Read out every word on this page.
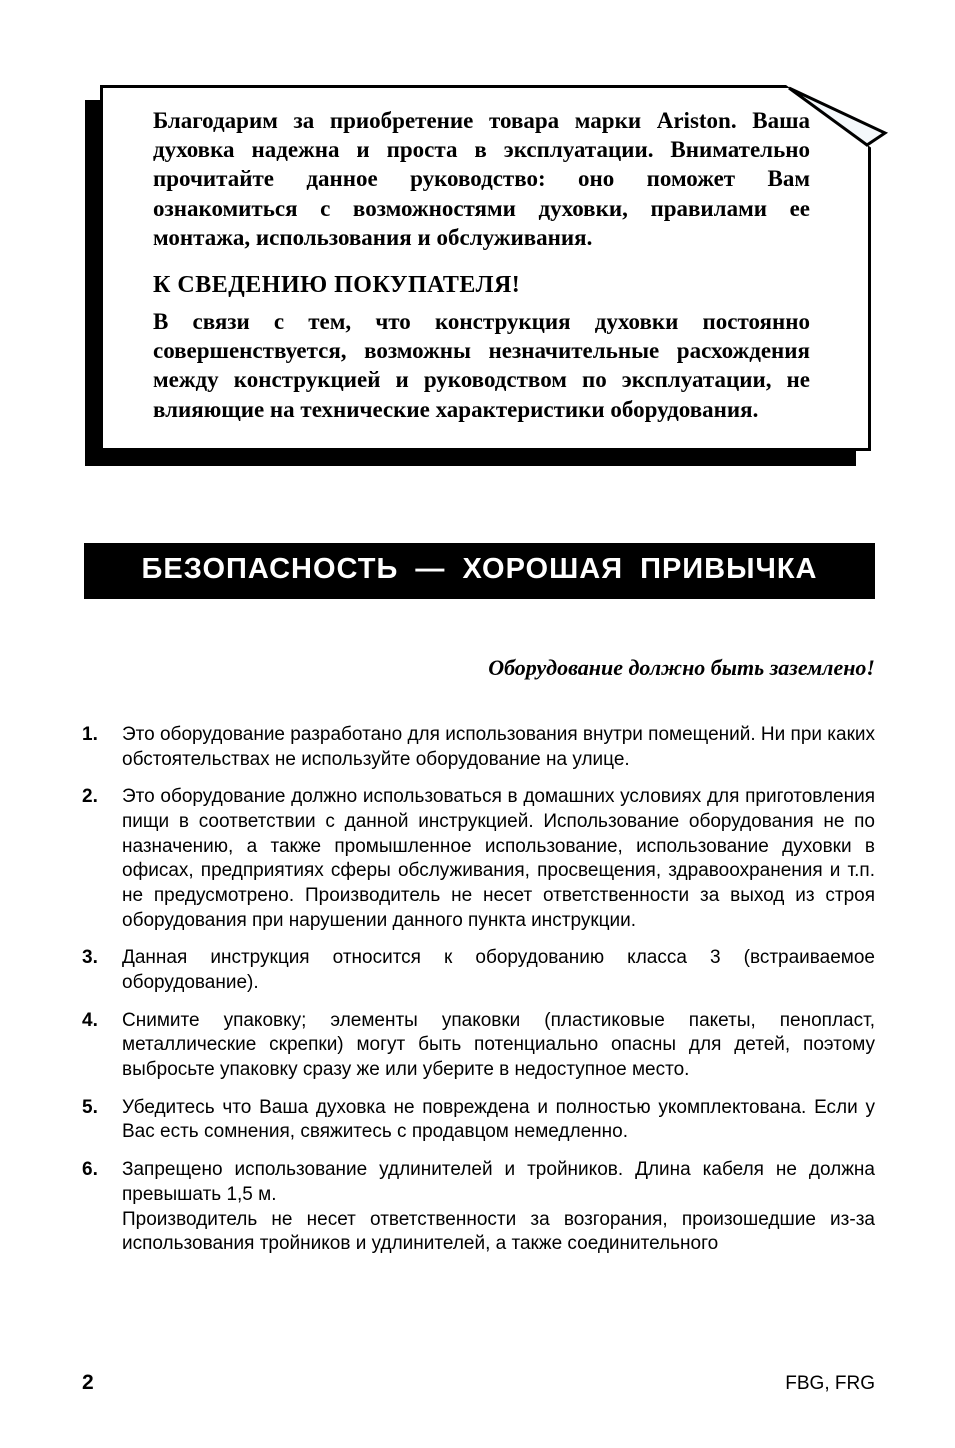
Благодарим за приобретение товара марки Ariston. Ваша духовка надежна и проста в эксплуатации. Внимательно прочитайте данное руководство: оно поможет Вам ознакомиться с возможностями духовки, правилами ее монтажа, использования и обслуживания.

К СВЕДЕНИЮ ПОКУПАТЕЛЯ!

В связи с тем, что конструкция духовки постоянно совершенствуется, возможны незначительные расхождения между конструкцией и руководством по эксплуатации, не влияющие на технические характеристики оборудования.

БЕЗОПАСНОСТЬ — ХОРОШАЯ ПРИВЫЧКА
Оборудование должно быть заземлено!
1. Это оборудование разработано для использования внутри помещений. Ни при каких обстоятельствах не используйте оборудование на улице.
2. Это оборудование должно использоваться в домашних условиях для приготовления пищи в соответствии с данной инструкцией. Использование оборудования не по назначению, а также промышленное использование, использование духовки в офисах, предприятиях сферы обслуживания, просвещения, здравоохранения и т.п. не предусмотрено. Производитель не несет ответственности за выход из строя оборудования при нарушении данного пункта инструкции.
3. Данная инструкция относится к оборудованию класса 3 (встраиваемое оборудование).
4. Снимите упаковку; элементы упаковки (пластиковые пакеты, пенопласт, металлические скрепки) могут быть потенциально опасны для детей, поэтому выбросьте упаковку сразу же или уберите в недоступное место.
5. Убедитесь что Ваша духовка не повреждена и полностью укомплектована. Если у Вас есть сомнения, свяжитесь с продавцом немедленно.
6. Запрещено использование удлинителей и тройников. Длина кабеля не должна превышать 1,5 м.
Производитель не несет ответственности за возгорания, произошедшие из-за использования тройников и удлинителей, а также соединительного
2	FBG, FRG
